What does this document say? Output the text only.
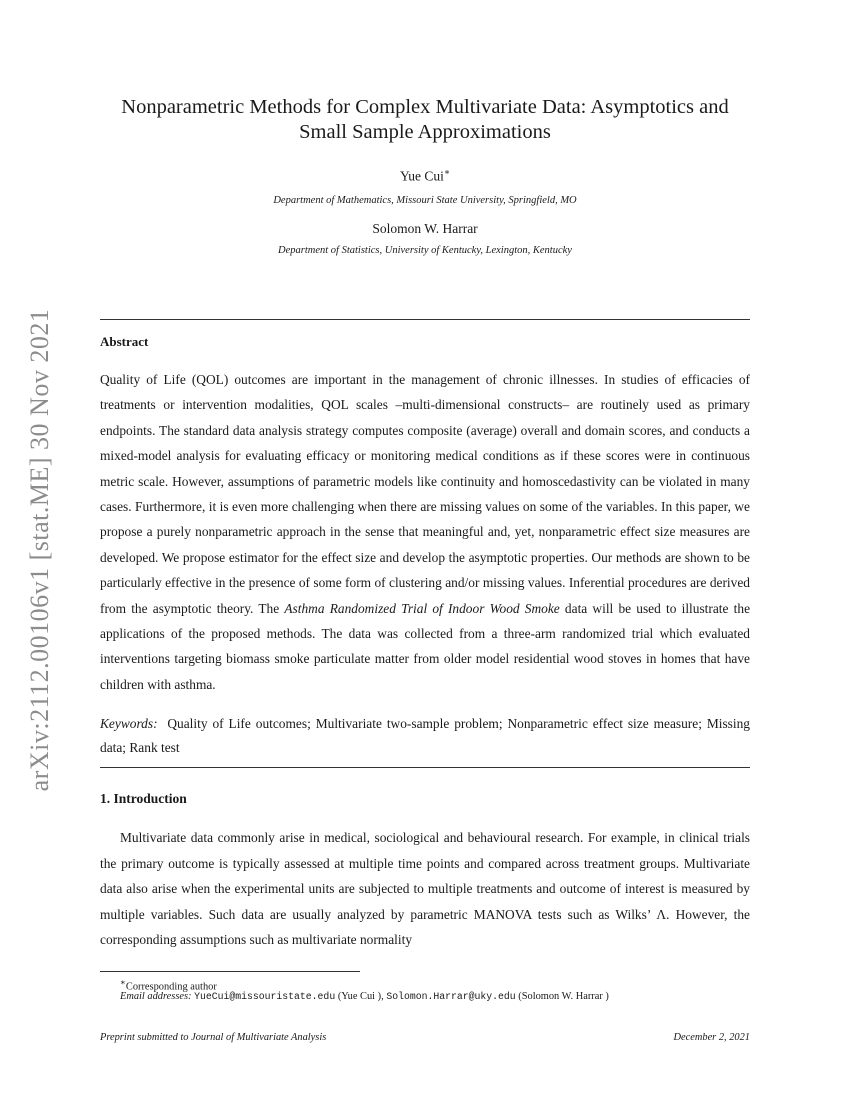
arXiv:2112.00106v1 [stat.ME] 30 Nov 2021
Nonparametric Methods for Complex Multivariate Data: Asymptotics and
Small Sample Approximations
Yue Cui∗
Department of Mathematics, Missouri State University, Springfield, MO
Solomon W. Harrar
Department of Statistics, University of Kentucky, Lexington, Kentucky
Abstract

Quality of Life (QOL) outcomes are important in the management of chronic illnesses. In studies of efficacies of treatments or intervention modalities, QOL scales –multi-dimensional constructs– are routinely used as primary endpoints. The standard data analysis strategy computes composite (average) overall and domain scores, and conducts a mixed-model analysis for evaluating efficacy or monitoring medical conditions as if these scores were in continuous metric scale. However, assumptions of parametric models like continuity and homoscedastivity can be violated in many cases. Furthermore, it is even more challenging when there are missing values on some of the variables. In this paper, we propose a purely nonparametric approach in the sense that meaningful and, yet, nonparametric effect size measures are developed. We propose estimator for the effect size and develop the asymptotic properties. Our methods are shown to be particularly effective in the presence of some form of clustering and/or missing values. Inferential procedures are derived from the asymptotic theory. The Asthma Randomized Trial of Indoor Wood Smoke data will be used to illustrate the applications of the proposed methods. The data was collected from a three-arm randomized trial which evaluated interventions targeting biomass smoke particulate matter from older model residential wood stoves in homes that have children with asthma.

Keywords: Quality of Life outcomes; Multivariate two-sample problem; Nonparametric effect size measure; Missing data; Rank test

1. Introduction

Multivariate data commonly arise in medical, sociological and behavioural research. For example, in clinical trials the primary outcome is typically assessed at multiple time points and compared across treatment groups. Multivariate data also arise when the experimental units are subjected to multiple treatments and outcome of interest is measured by multiple variables. Such data are usually analyzed by parametric MANOVA tests such as Wilks’ Λ. However, the corresponding assumptions such as multivariate normality

∗Corresponding author
Email addresses: YueCui@missouristate.edu (Yue Cui ), Solomon.Harrar@uky.edu (Solomon W. Harrar )
Preprint submitted to Journal of Multivariate Analysis	December 2, 2021
